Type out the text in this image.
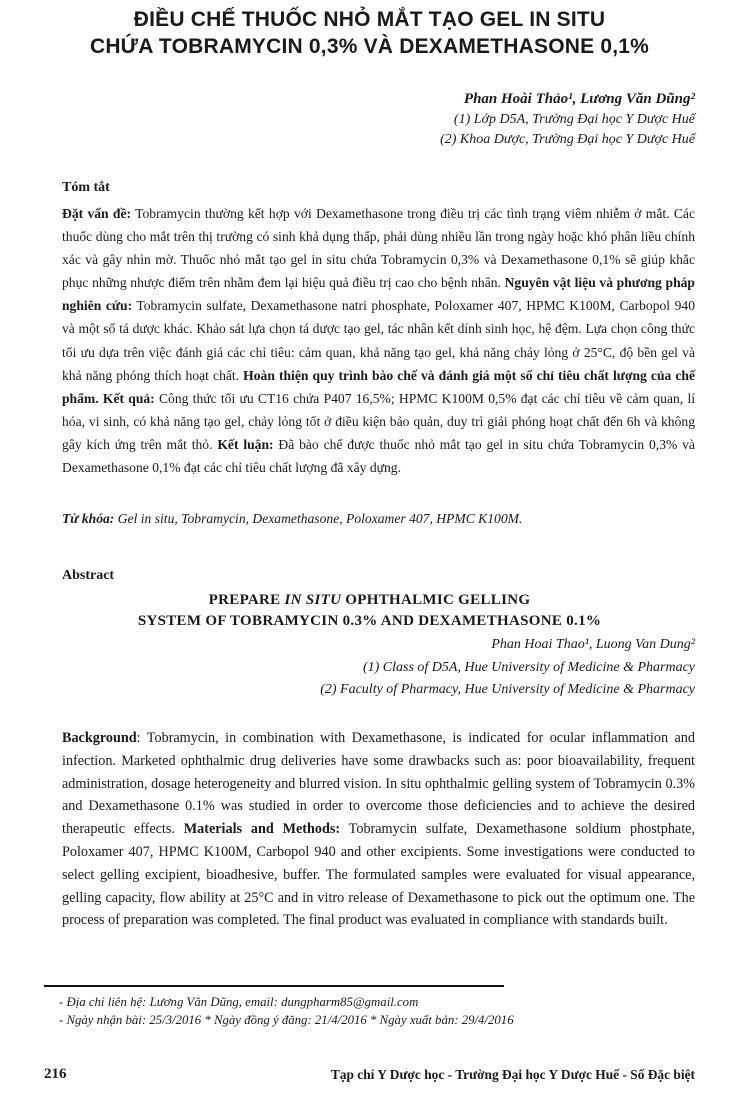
ĐIỀU CHẾ THUỐC NHỎ MẮT TẠO GEL IN SITU
CHỨA TOBRAMYCIN 0,3% VÀ DEXAMETHASONE 0,1%
Phan Hoài Thảo¹, Lương Văn Dũng²
(1) Lớp D5A, Trường Đại học Y Dược Huế
(2) Khoa Dược, Trường Đại học Y Dược Huế
Tóm tắt
Đặt vấn đề: Tobramycin thường kết hợp với Dexamethasone trong điều trị các tình trạng viêm nhiễm ở mắt. Các thuốc dùng cho mắt trên thị trường có sinh khả dụng thấp, phải dùng nhiều lần trong ngày hoặc khó phân liều chính xác và gây nhìn mờ. Thuốc nhỏ mắt tạo gel in situ chứa Tobramycin 0,3% và Dexamethasone 0,1% sẽ giúp khắc phục những nhược điểm trên nhằm đem lại hiệu quả điều trị cao cho bệnh nhân. Nguyên vật liệu và phương pháp nghiên cứu: Tobramycin sulfate, Dexamethasone natri phosphate, Poloxamer 407, HPMC K100M, Carbopol 940 và một số tá dược khác. Khảo sát lựa chọn tá dược tạo gel, tác nhân kết dính sinh học, hệ đệm. Lựa chọn công thức tối ưu dựa trên việc đánh giá các chỉ tiêu: cảm quan, khả năng tạo gel, khả năng chảy lỏng ở 25°C, độ bền gel và khả năng phóng thích hoạt chất. Hoàn thiện quy trình bào chế và đánh giá một số chỉ tiêu chất lượng của chế phẩm. Kết quả: Công thức tối ưu CT16 chứa P407 16,5%; HPMC K100M 0,5% đạt các chỉ tiêu về cảm quan, lí hóa, vi sinh, có khả năng tạo gel, chảy lỏng tốt ở điều kiện bảo quản, duy trì giải phóng hoạt chất đến 6h và không gây kích ứng trên mắt thỏ. Kết luận: Đã bào chế được thuốc nhỏ mắt tạo gel in situ chứa Tobramycin 0,3% và Dexamethasone 0,1% đạt các chỉ tiêu chất lượng đã xây dựng.
Từ khóa: Gel in situ, Tobramycin, Dexamethasone, Poloxamer 407, HPMC K100M.
Abstract
PREPARE IN SITU OPHTHALMIC GELLING
SYSTEM OF TOBRAMYCIN 0.3% AND DEXAMETHASONE 0.1%
Phan Hoai Thao¹, Luong Van Dung²
(1) Class of D5A, Hue University of Medicine & Pharmacy
(2) Faculty of Pharmacy, Hue University of Medicine & Pharmacy
Background: Tobramycin, in combination with Dexamethasone, is indicated for ocular inflammation and infection. Marketed ophthalmic drug deliveries have some drawbacks such as: poor bioavailability, frequent administration, dosage heterogeneity and blurred vision. In situ ophthalmic gelling system of Tobramycin 0.3% and Dexamethasone 0.1% was studied in order to overcome those deficiencies and to achieve the desired therapeutic effects. Materials and Methods: Tobramycin sulfate, Dexamethasone soldium phostphate, Poloxamer 407, HPMC K100M, Carbopol 940 and other excipients. Some investigations were conducted to select gelling excipient, bioadhesive, buffer. The formulated samples were evaluated for visual appearance, gelling capacity, flow ability at 25°C and in vitro release of Dexamethasone to pick out the optimum one. The process of preparation was completed. The final product was evaluated in compliance with standards built.
- Địa chỉ liên hệ: Lương Văn Dũng, email: dungpharm85@gmail.com
- Ngày nhận bài: 25/3/2016 * Ngày đồng ý đăng: 21/4/2016 * Ngày xuất bản: 29/4/2016
216	Tạp chí Y Dược học - Trường Đại học Y Dược Huế - Số Đặc biệt
